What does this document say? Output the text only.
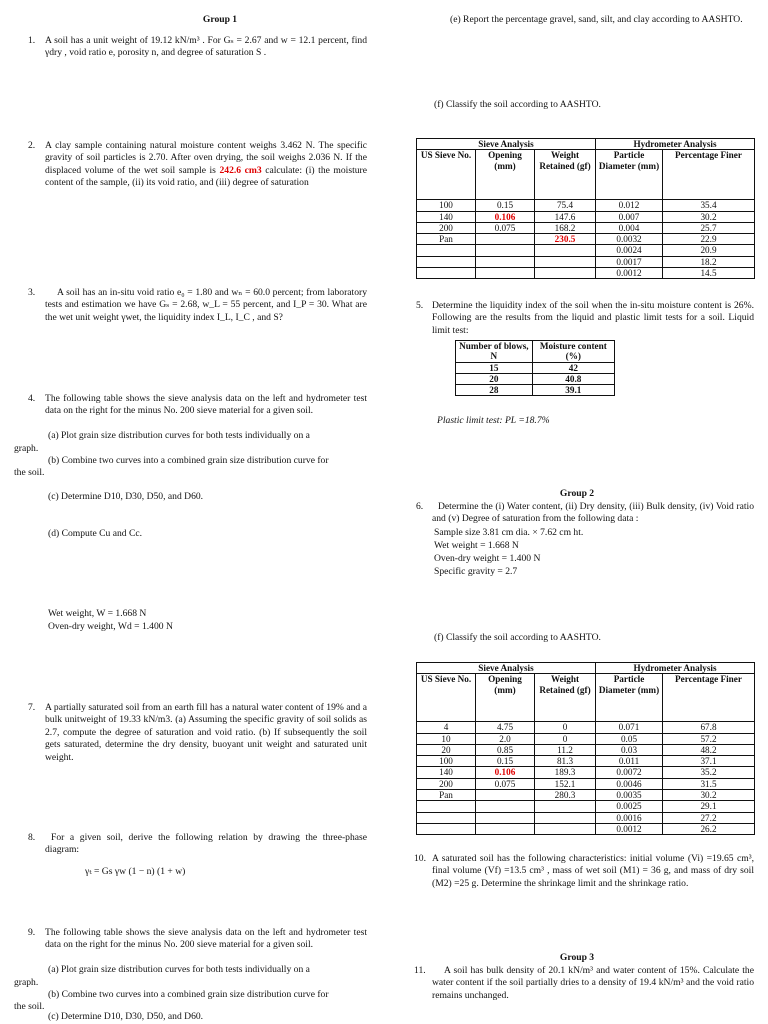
Group 1
1.	A soil has a unit weight of 19.12 kN/m³ . For Gₛ = 2.67 and w = 12.1 percent, find γdry , void ratio e, porosity n, and degree of saturation S .
2.	A clay sample containing natural moisture content weighs 3.462 N. The specific gravity of soil particles is 2.70. After oven drying, the soil weighs 2.036 N. If the displaced volume of the wet soil sample is 242.6 cm3 calculate: (i) the moisture content of the sample, (ii) its void ratio, and (iii) degree of saturation
3.	A soil has an in-situ void ratio e₀ = 1.80 and wₙ = 60.0 percent; from laboratory tests and estimation we have Gₛ = 2.68, w_L = 55 percent, and I_P = 30. What are the wet unit weight γwet, the liquidity index I_L, I_C , and S?
4.	The following table shows the sieve analysis data on the left and hydrometer test data on the right for the minus No. 200 sieve material for a given soil.
(a) Plot grain size distribution curves for both tests individually on a
graph.
(b) Combine two curves into a combined grain size distribution curve for
the soil.
(c) Determine D10, D30, D50, and D60.
(d) Compute Cu and Cc.
Wet weight, W = 1.668 N
Oven-dry weight, Wd = 1.400 N
7.	A partially saturated soil from an earth fill has a natural water content of 19% and a bulk unitweight of 19.33 kN/m3. (a) Assuming the specific gravity of soil solids as 2.7, compute the degree of saturation and void ratio. (b) If subsequently the soil gets saturated, determine the dry density, buoyant unit weight and saturated unit weight.
8.	For a given soil, derive the following relation by drawing the three-phase diagram:
γₜ = Gs γw (1 − n) (1 + w)
9.	The following table shows the sieve analysis data on the left and hydrometer test data on the right for the minus No. 200 sieve material for a given soil.
(a) Plot grain size distribution curves for both tests individually on a
graph.
(b) Combine two curves into a combined grain size distribution curve for
the soil.
(c) Determine D10, D30, D50, and D60.
(e) Report the percentage gravel, sand, silt, and clay according to AASHTO.
(f) Classify the soil according to AASHTO.
Sieve Analysis			Hydrometer Analysis	
US Sieve No.	Opening (mm)	Weight Retained (gf)	Particle Diameter (mm)	Percentage Finer
100	0.15	75.4	0.012	35.4
140	0.106	147.6	0.007	30.2
200	0.075	168.2	0.004	25.7
Pan		230.5	0.0032	22.9
			0.0024	20.9
			0.0017	18.2
			0.0012	14.5
5. Determine the liquidity index of the soil when the in-situ moisture content is 26%. Following are the results from the liquid and plastic limit tests for a soil. Liquid limit test:
Number of blows, N	Moisture content (%)
15	42
20	40.8
28	39.1
Plastic limit test: PL =18.7%
Group 2
6.	Determine the (i) Water content, (ii) Dry density, (iii) Bulk density, (iv) Void ratio and (v) Degree of saturation from the following data :
Sample size 3.81 cm dia. × 7.62 cm ht.
Wet weight = 1.668 N
Oven-dry weight = 1.400 N
Specific gravity = 2.7
(f) Classify the soil according to AASHTO.
Sieve Analysis			Hydrometer Analysis	
US Sieve No.	Opening (mm)	Weight Retained (gf)	Particle Diameter (mm)	Percentage Finer
4	4.75	0	0.071	67.8
10	2.0	0	0.05	57.2
20	0.85	11.2	0.03	48.2
100	0.15	81.3	0.011	37.1
140	0.106	189.3	0.0072	35.2
200	0.075	152.1	0.0046	31.5
Pan		280.3	0.0035	30.2
			0.0025	29.1
			0.0016	27.2
			0.0012	26.2
10. A saturated soil has the following characteristics: initial volume (Vi) =19.65 cm³, final volume (Vf) =13.5 cm³ , mass of wet soil (M1) = 36 g, and mass of dry soil (M2) =25 g. Determine the shrinkage limit and the shrinkage ratio.
Group 3
11.	A soil has bulk density of 20.1 kN/m³ and water content of 15%. Calculate the water content if the soil partially dries to a density of 19.4 kN/m³ and the void ratio remains unchanged.
